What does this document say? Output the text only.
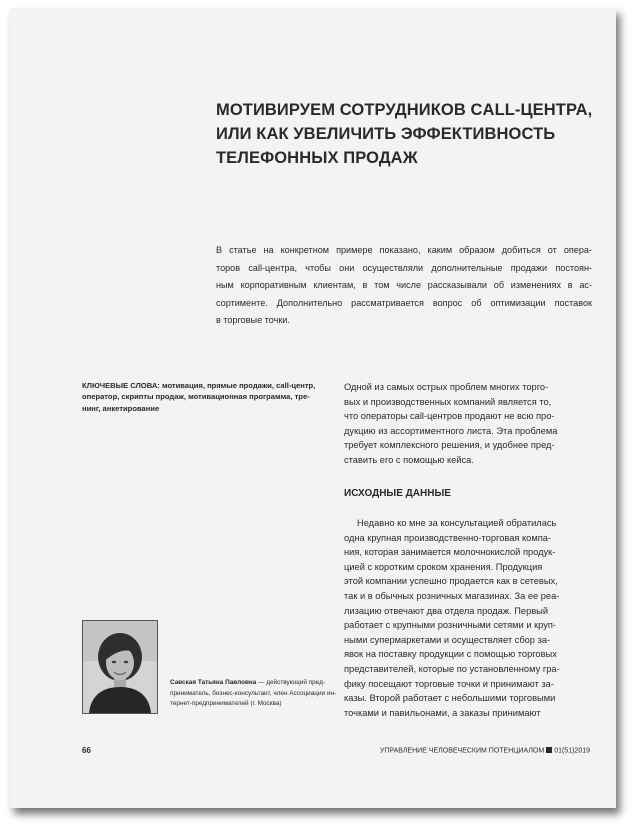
МОТИВИРУЕМ СОТРУДНИКОВ CALL-ЦЕНТРА,
ИЛИ КАК УВЕЛИЧИТЬ ЭФФЕКТИВНОСТЬ
ТЕЛЕФОННЫХ ПРОДАЖ
В статье на конкретном примере показано, каким образом добиться от опера-
торов call-центра, чтобы они осуществляли дополнительные продажи постоян-
ным корпоративным клиентам, в том числе рассказывали об изменениях в ас-
сортименте. Дополнительно рассматривается вопрос об оптимизации поставок
в торговые точки.
КЛЮЧЕВЫЕ СЛОВА: мотивация, прямые продажи, call-центр,
оператор, скрипты продаж, мотивационная программа, тре-
нинг, анкетирование
Одной из самых острых проблем многих торго-
вых и производственных компаний является то,
что операторы call-центров продают не всю про-
дукцию из ассортиментного листа. Эта проблема
требует комплексного решения, и удобнее пред-
ставить его с помощью кейса.
ИСХОДНЫЕ ДАННЫЕ
Недавно ко мне за консультацией обратилась
одна крупная производственно-торговая компа-
ния, которая занимается молочнокислой продук-
цией с коротким сроком хранения. Продукция
этой компании успешно продается как в сетевых,
так и в обычных розничных магазинах. За ее реа-
лизацию отвечают два отдела продаж. Первый
работает с крупными розничными сетями и круп-
ными супермаркетами и осуществляет сбор за-
явок на поставку продукции с помощью торговых
представителей, которые по установленному гра-
фику посещают торговые точки и принимают за-
казы. Второй работает с небольшими торговыми
точками и павильонами, а заказы принимают
Савская Татьяна Павловна — действующий пред-
приниматель, бизнес-консультант, член Ассоциации ин-
тернет-предпринимателей (г. Москва)
66	УПРАВЛЕНИЕ ЧЕЛОВЕЧЕСКИМ ПОТЕНЦИАЛОМ 01(51)2019
